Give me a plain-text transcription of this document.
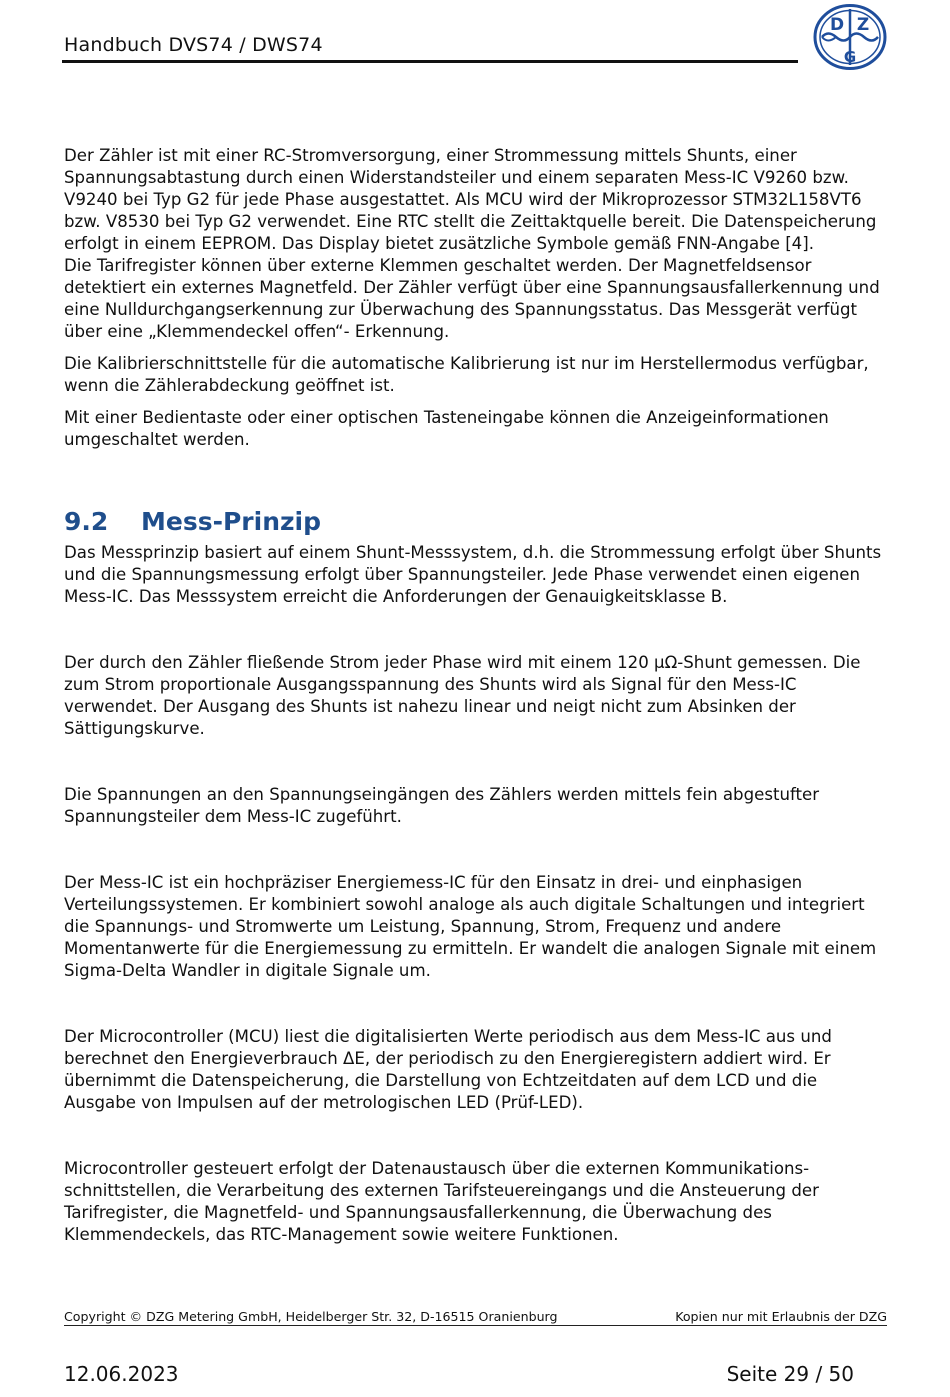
Handbuch DVS74 / DWS74
D Z
G

Der Zähler ist mit einer RC-Stromversorgung, einer Strommessung mittels Shunts, einer Spannungsabtastung durch einen Widerstandsteiler und einem separaten Mess-IC V9260 bzw. V9240 bei Typ G2 für jede Phase ausgestattet. Als MCU wird der Mikroprozessor STM32L158VT6 bzw. V8530 bei Typ G2 verwendet. Eine RTC stellt die Zeittaktquelle bereit. Die Datenspeicherung erfolgt in einem EEPROM. Das Display bietet zusätzliche Symbole gemäß FNN-Angabe [4].

Die Tarifregister können über externe Klemmen geschaltet werden. Der Magnetfeldsensor detektiert ein externes Magnetfeld. Der Zähler verfügt über eine Spannungsausfallerkennung und eine Nulldurchgangserkennung zur Überwachung des Spannungsstatus. Das Messgerät verfügt über eine „Klemmendeckel offen“- Erkennung.

Die Kalibrierschnittstelle für die automatische Kalibrierung ist nur im Herstellermodus verfügbar, wenn die Zählerabdeckung geöffnet ist.

Mit einer Bedientaste oder einer optischen Tasteneingabe können die Anzeigeinformationen umgeschaltet werden.

9.2 Mess-Prinzip

Das Messprinzip basiert auf einem Shunt-Messsystem, d.h. die Strommessung erfolgt über Shunts und die Spannungsmessung erfolgt über Spannungsteiler. Jede Phase verwendet einen eigenen Mess-IC. Das Messsystem erreicht die Anforderungen der Genauigkeitsklasse B.

Der durch den Zähler fließende Strom jeder Phase wird mit einem 120 µΩ-Shunt gemessen. Die zum Strom proportionale Ausgangsspannung des Shunts wird als Signal für den Mess-IC verwendet. Der Ausgang des Shunts ist nahezu linear und neigt nicht zum Absinken der Sättigungskurve.

Die Spannungen an den Spannungseingängen des Zählers werden mittels fein abgestufter Spannungsteiler dem Mess-IC zugeführt.

Der Mess-IC ist ein hochpräziser Energiemess-IC für den Einsatz in drei- und einphasigen Verteilungssystemen. Er kombiniert sowohl analoge als auch digitale Schaltungen und integriert die Spannungs- und Stromwerte um Leistung, Spannung, Strom, Frequenz und andere Momentanwerte für die Energiemessung zu ermitteln. Er wandelt die analogen Signale mit einem Sigma-Delta Wandler in digitale Signale um.

Der Microcontroller (MCU) liest die digitalisierten Werte periodisch aus dem Mess-IC aus und berechnet den Energieverbrauch ΔE, der periodisch zu den Energieregistern addiert wird. Er übernimmt die Datenspeicherung, die Darstellung von Echtzeitdaten auf dem LCD und die Ausgabe von Impulsen auf der metrologischen LED (Prüf-LED).

Microcontroller gesteuert erfolgt der Datenaustausch über die externen Kommunikations-schnittstellen, die Verarbeitung des externen Tarifsteuereingangs und die Ansteuerung der Tarifregister, die Magnetfeld- und Spannungsausfallerkennung, die Überwachung des Klemmendeckels, das RTC-Management sowie weitere Funktionen.

Copyright © DZG Metering GmbH, Heidelberger Str. 32, D-16515 Oranienburg	Kopien nur mit Erlaubnis der DZG
12.06.2023	Seite 29 / 50
